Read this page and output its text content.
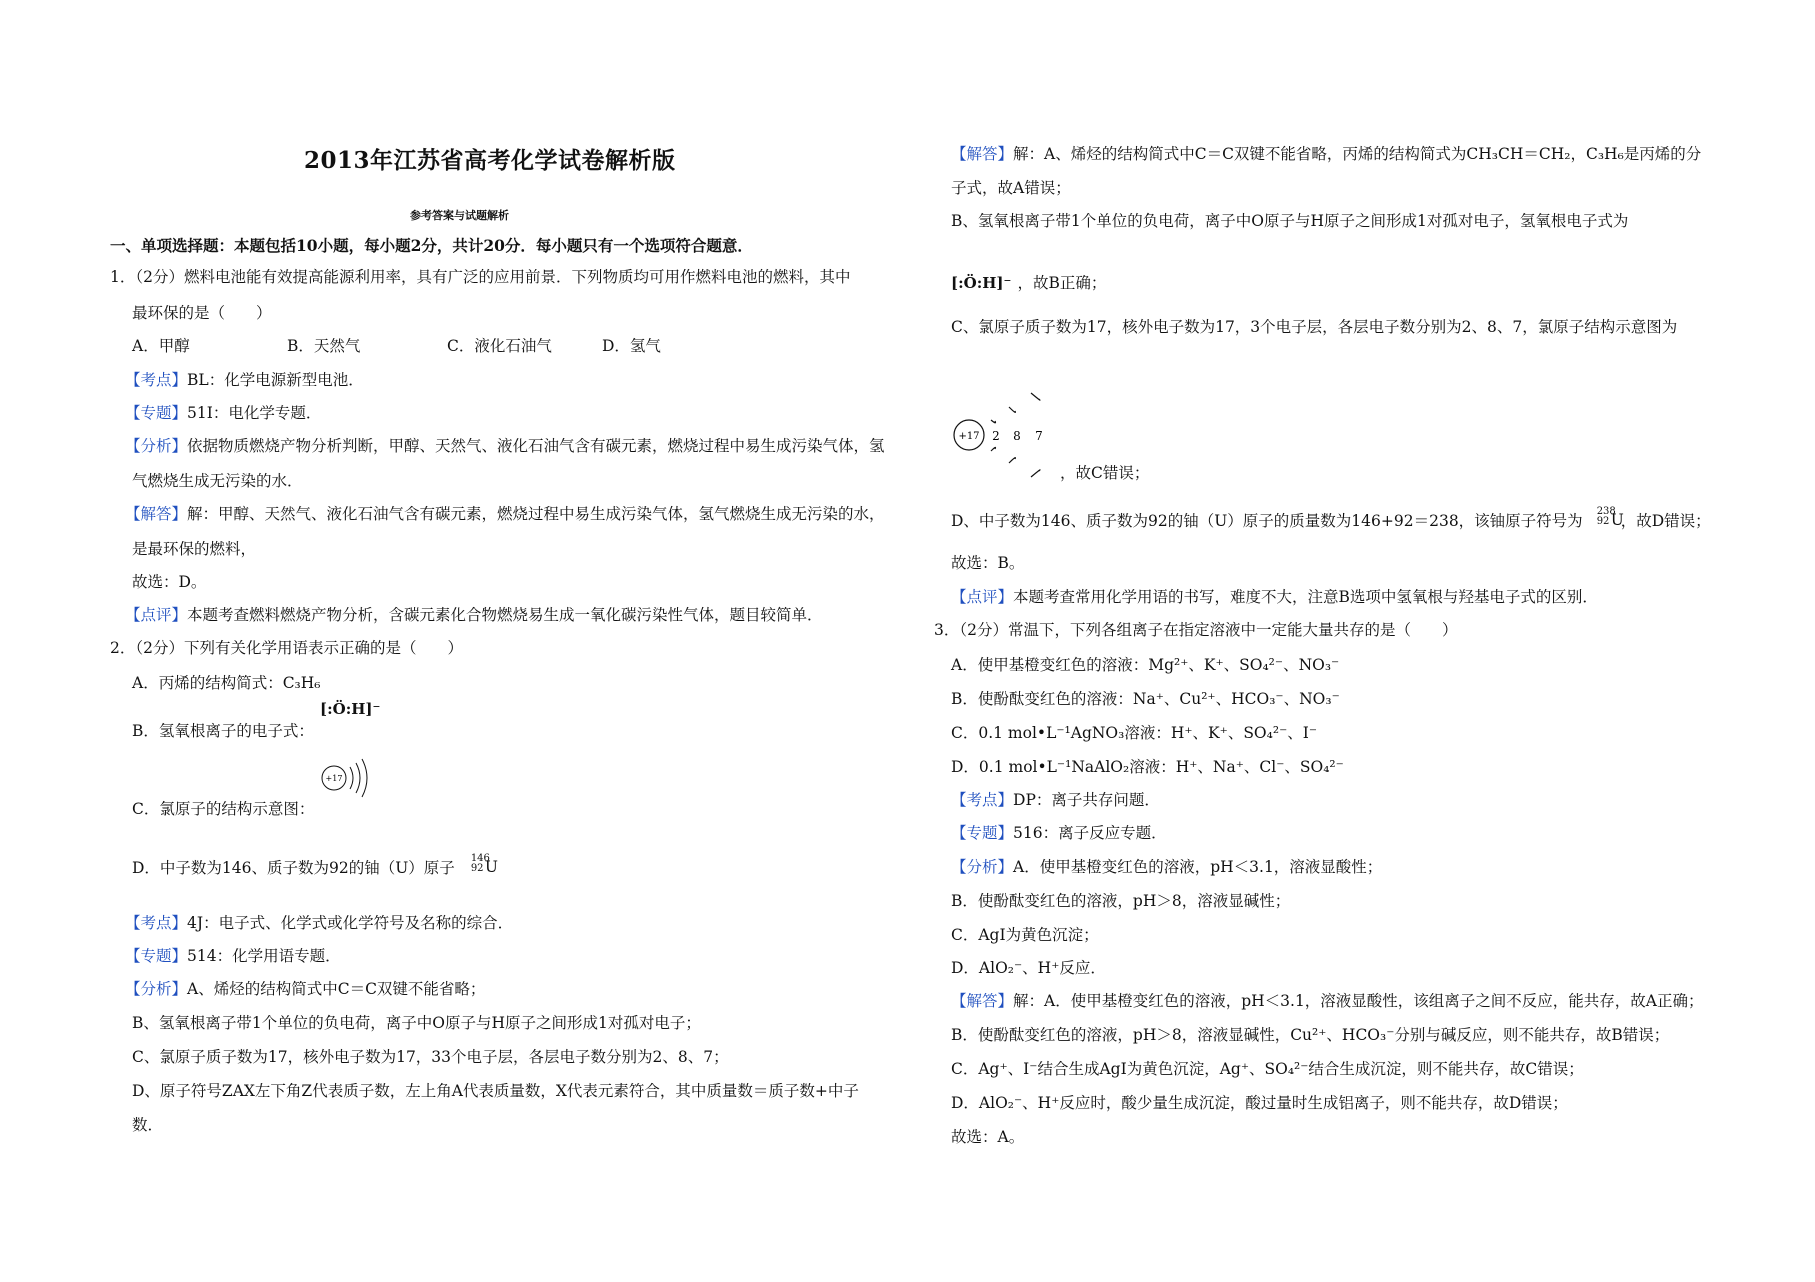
2013年江苏省高考化学试卷解析版
参考答案与试题解析
一、单项选择题：本题包括10小题，每小题2分，共计20分．每小题只有一个选项符合题意．
1．（2分）燃料电池能有效提高能源利用率，具有广泛的应用前景．下列物质均可用作燃料电池的燃料，其中
最环保的是（　　）
A．甲醇	B．天然气	C．液化石油气	D．氢气
【考点】BL：化学电源新型电池．
【专题】51I：电化学专题．
【分析】依据物质燃烧产物分析判断，甲醇、天然气、液化石油气含有碳元素，燃烧过程中易生成污染气体，氢
气燃烧生成无污染的水．
【解答】解：甲醇、天然气、液化石油气含有碳元素，燃烧过程中易生成污染气体，氢气燃烧生成无污染的水，
是最环保的燃料，
故选：D。
【点评】本题考查燃料燃烧产物分析，含碳元素化合物燃烧易生成一氧化碳污染性气体，题目较简单．
2．（2分）下列有关化学用语表示正确的是（　　）
A．丙烯的结构简式：C₃H₆
B．氢氧根离子的电子式：
[:Ö:H]⁻
C．氯原子的结构示意图：
+17
D．中子数为146、质子数为92的铀（U）原子
146
92 U
【考点】4J：电子式、化学式或化学符号及名称的综合．
【专题】514：化学用语专题．
【分析】A、烯烃的结构简式中C＝C双键不能省略；
B、氢氧根离子带1个单位的负电荷，离子中O原子与H原子之间形成1对孤对电子；
C、氯原子质子数为17，核外电子数为17，33个电子层，各层电子数分别为2、8、7；
D、原子符号ZAX左下角Z代表质子数，左上角A代表质量数，X代表元素符合，其中质量数＝质子数+中子
数．
【解答】解：A、烯烃的结构简式中C＝C双键不能省略，丙烯的结构简式为CH₃CH＝CH₂，C₃H₆是丙烯的分
子式，故A错误；
B、氢氧根离子带1个单位的负电荷，离子中O原子与H原子之间形成1对孤对电子，氢氧根电子式为
[:Ö:H]⁻ ，故B正确；
C、氯原子质子数为17，核外电子数为17，3个电子层，各层电子数分别为2、8、7，氯原子结构示意图为
+17 2 8 7
，故C错误；
D、中子数为146、质子数为92的铀（U）原子的质量数为146+92＝238，该铀原子符号为
238
92 U
，故D错误；
故选：B。
【点评】本题考查常用化学用语的书写，难度不大，注意B选项中氢氧根与羟基电子式的区别．
3．（2分）常温下，下列各组离子在指定溶液中一定能大量共存的是（　　）
A．使甲基橙变红色的溶液：Mg²⁺、K⁺、SO₄²⁻、NO₃⁻
B．使酚酞变红色的溶液：Na⁺、Cu²⁺、HCO₃⁻、NO₃⁻
C．0.1 mol•L⁻¹AgNO₃溶液：H⁺、K⁺、SO₄²⁻、I⁻
D．0.1 mol•L⁻¹NaAlO₂溶液：H⁺、Na⁺、Cl⁻、SO₄²⁻
【考点】DP：离子共存问题．
【专题】516：离子反应专题．
【分析】A．使甲基橙变红色的溶液，pH＜3.1，溶液显酸性；
B．使酚酞变红色的溶液，pH＞8，溶液显碱性；
C．AgI为黄色沉淀；
D．AlO₂⁻、H⁺反应．
【解答】解：A．使甲基橙变红色的溶液，pH＜3.1，溶液显酸性，该组离子之间不反应，能共存，故A正确；
B．使酚酞变红色的溶液，pH＞8，溶液显碱性，Cu²⁺、HCO₃⁻分别与碱反应，则不能共存，故B错误；
C．Ag⁺、I⁻结合生成AgI为黄色沉淀，Ag⁺、SO₄²⁻结合生成沉淀，则不能共存，故C错误；
D．AlO₂⁻、H⁺反应时，酸少量生成沉淀，酸过量时生成铝离子，则不能共存，故D错误；
故选：A。
